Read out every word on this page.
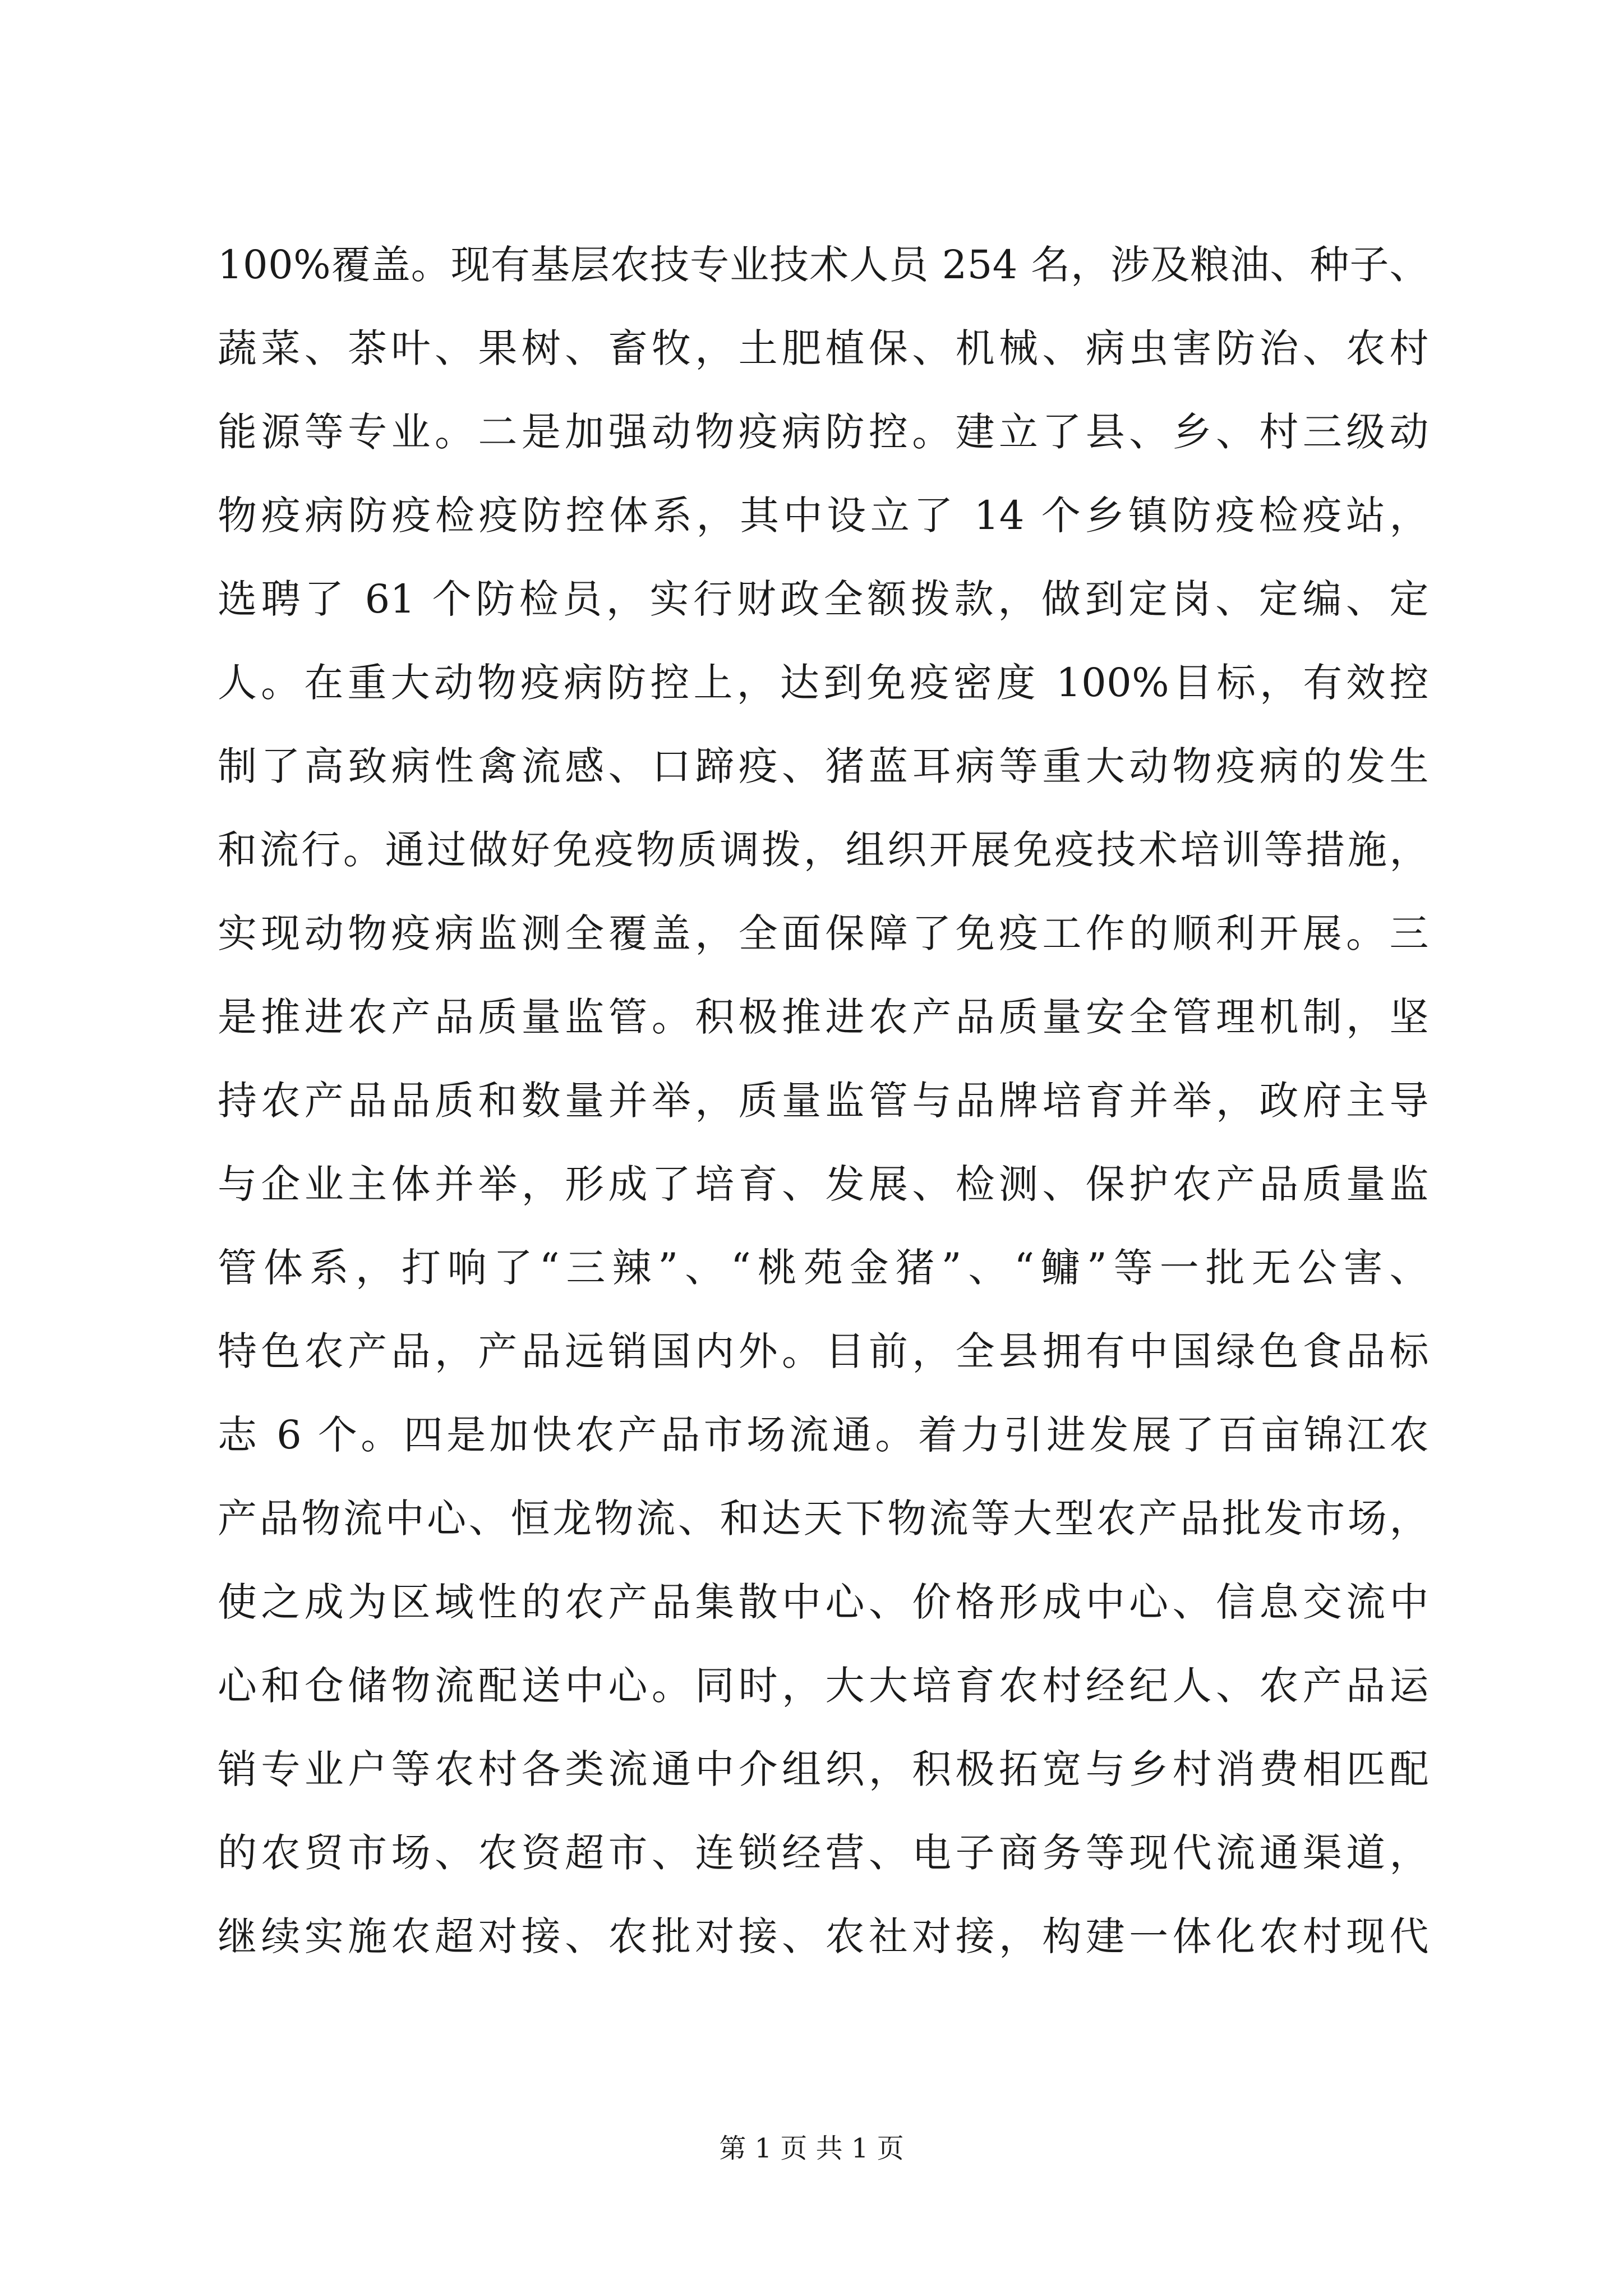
100%覆盖。现有基层农技专业技术人员 254 名，涉及粮油、种子、
蔬菜、茶叶、果树、畜牧，土肥植保、机械、病虫害防治、农村
能源等专业。二是加强动物疫病防控。建立了县、乡、村三级动
物疫病防疫检疫防控体系，其中设立了 14 个乡镇防疫检疫站，
选聘了 61 个防检员，实行财政全额拨款，做到定岗、定编、定
人。在重大动物疫病防控上，达到免疫密度 100%目标，有效控
制了高致病性禽流感、口蹄疫、猪蓝耳病等重大动物疫病的发生
和流行。通过做好免疫物质调拨，组织开展免疫技术培训等措施，
实现动物疫病监测全覆盖，全面保障了免疫工作的顺利开展。三
是推进农产品质量监管。积极推进农产品质量安全管理机制，坚
持农产品品质和数量并举，质量监管与品牌培育并举，政府主导
与企业主体并举，形成了培育、发展、检测、保护农产品质量监
管体系，打响了“三辣”、“桃苑金猪”、“鳙”等一批无公害、
特色农产品，产品远销国内外。目前，全县拥有中国绿色食品标
志 6 个。四是加快农产品市场流通。着力引进发展了百亩锦江农
产品物流中心、恒龙物流、和达天下物流等大型农产品批发市场，
使之成为区域性的农产品集散中心、价格形成中心、信息交流中
心和仓储物流配送中心。同时，大大培育农村经纪人、农产品运
销专业户等农村各类流通中介组织，积极拓宽与乡村消费相匹配
的农贸市场、农资超市、连锁经营、电子商务等现代流通渠道，
继续实施农超对接、农批对接、农社对接，构建一体化农村现代
第 1 页 共 1 页
